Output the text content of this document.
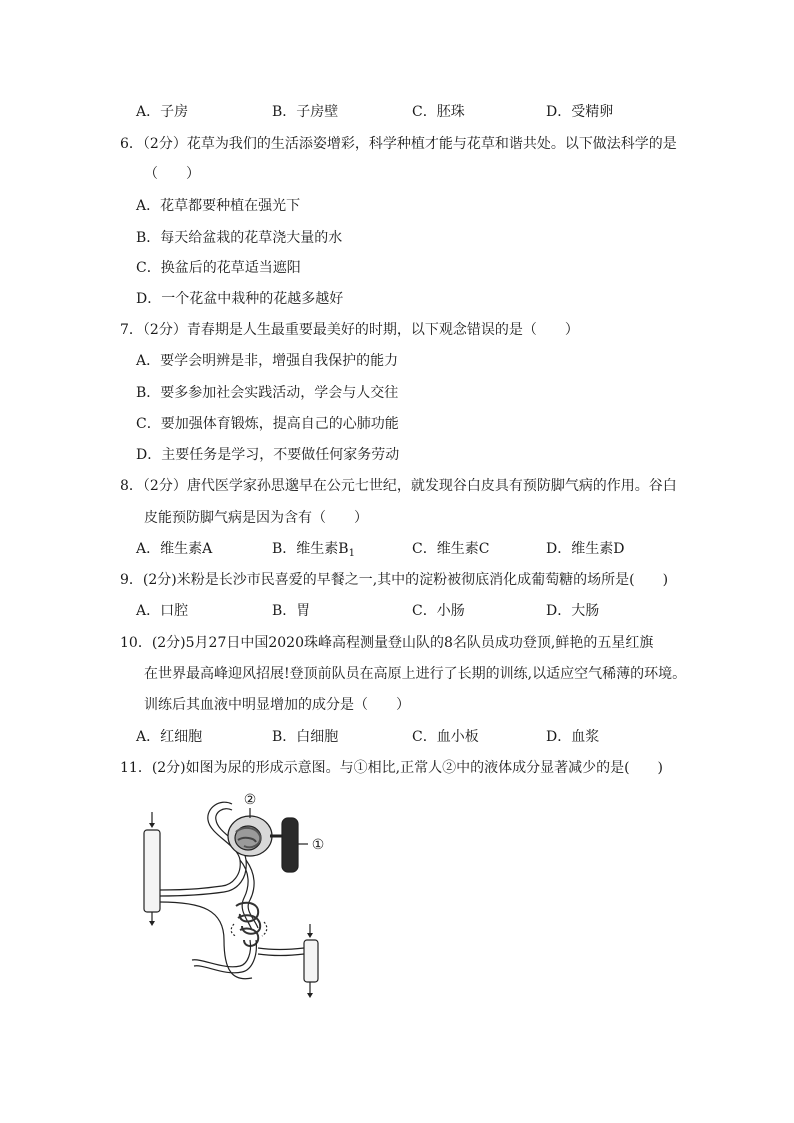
A．子房	B．子房壁	C．胚珠	D．受精卵
6．（2分）花草为我们的生活添姿增彩，科学种植才能与花草和谐共处。以下做法科学的是
（　　）
A．花草都要种植在强光下
B．每天给盆栽的花草浇大量的水
C．换盆后的花草适当遮阳
D．一个花盆中栽种的花越多越好
7．（2分）青春期是人生最重要最美好的时期，以下观念错误的是（　　）
A．要学会明辨是非，增强自我保护的能力
B．要多参加社会实践活动，学会与人交往
C．要加强体育锻炼，提高自己的心肺功能
D．主要任务是学习，不要做任何家务劳动
8．（2分）唐代医学家孙思邈早在公元七世纪，就发现谷白皮具有预防脚气病的作用。谷白
皮能预防脚气病是因为含有（　　）
A．维生素A	B．维生素$B_1$	C．维生素C	D．维生素D
9．(2分)米粉是长沙市民喜爱的早餐之一,其中的淀粉被彻底消化成葡萄糖的场所是(　　)
A．口腔	B．胃	C．小肠	D．大肠
10．(2分)5月27日中国2020珠峰高程测量登山队的8名队员成功登顶,鲜艳的五星红旗
在世界最高峰迎风招展!登顶前队员在高原上进行了长期的训练,以适应空气稀薄的环境。
训练后其血液中明显增加的成分是（　　）
A．红细胞	B．白细胞	C．血小板	D．血浆
11．(2分)如图为尿的形成示意图。与①相比,正常人②中的液体成分显著减少的是(　　)
②
①
